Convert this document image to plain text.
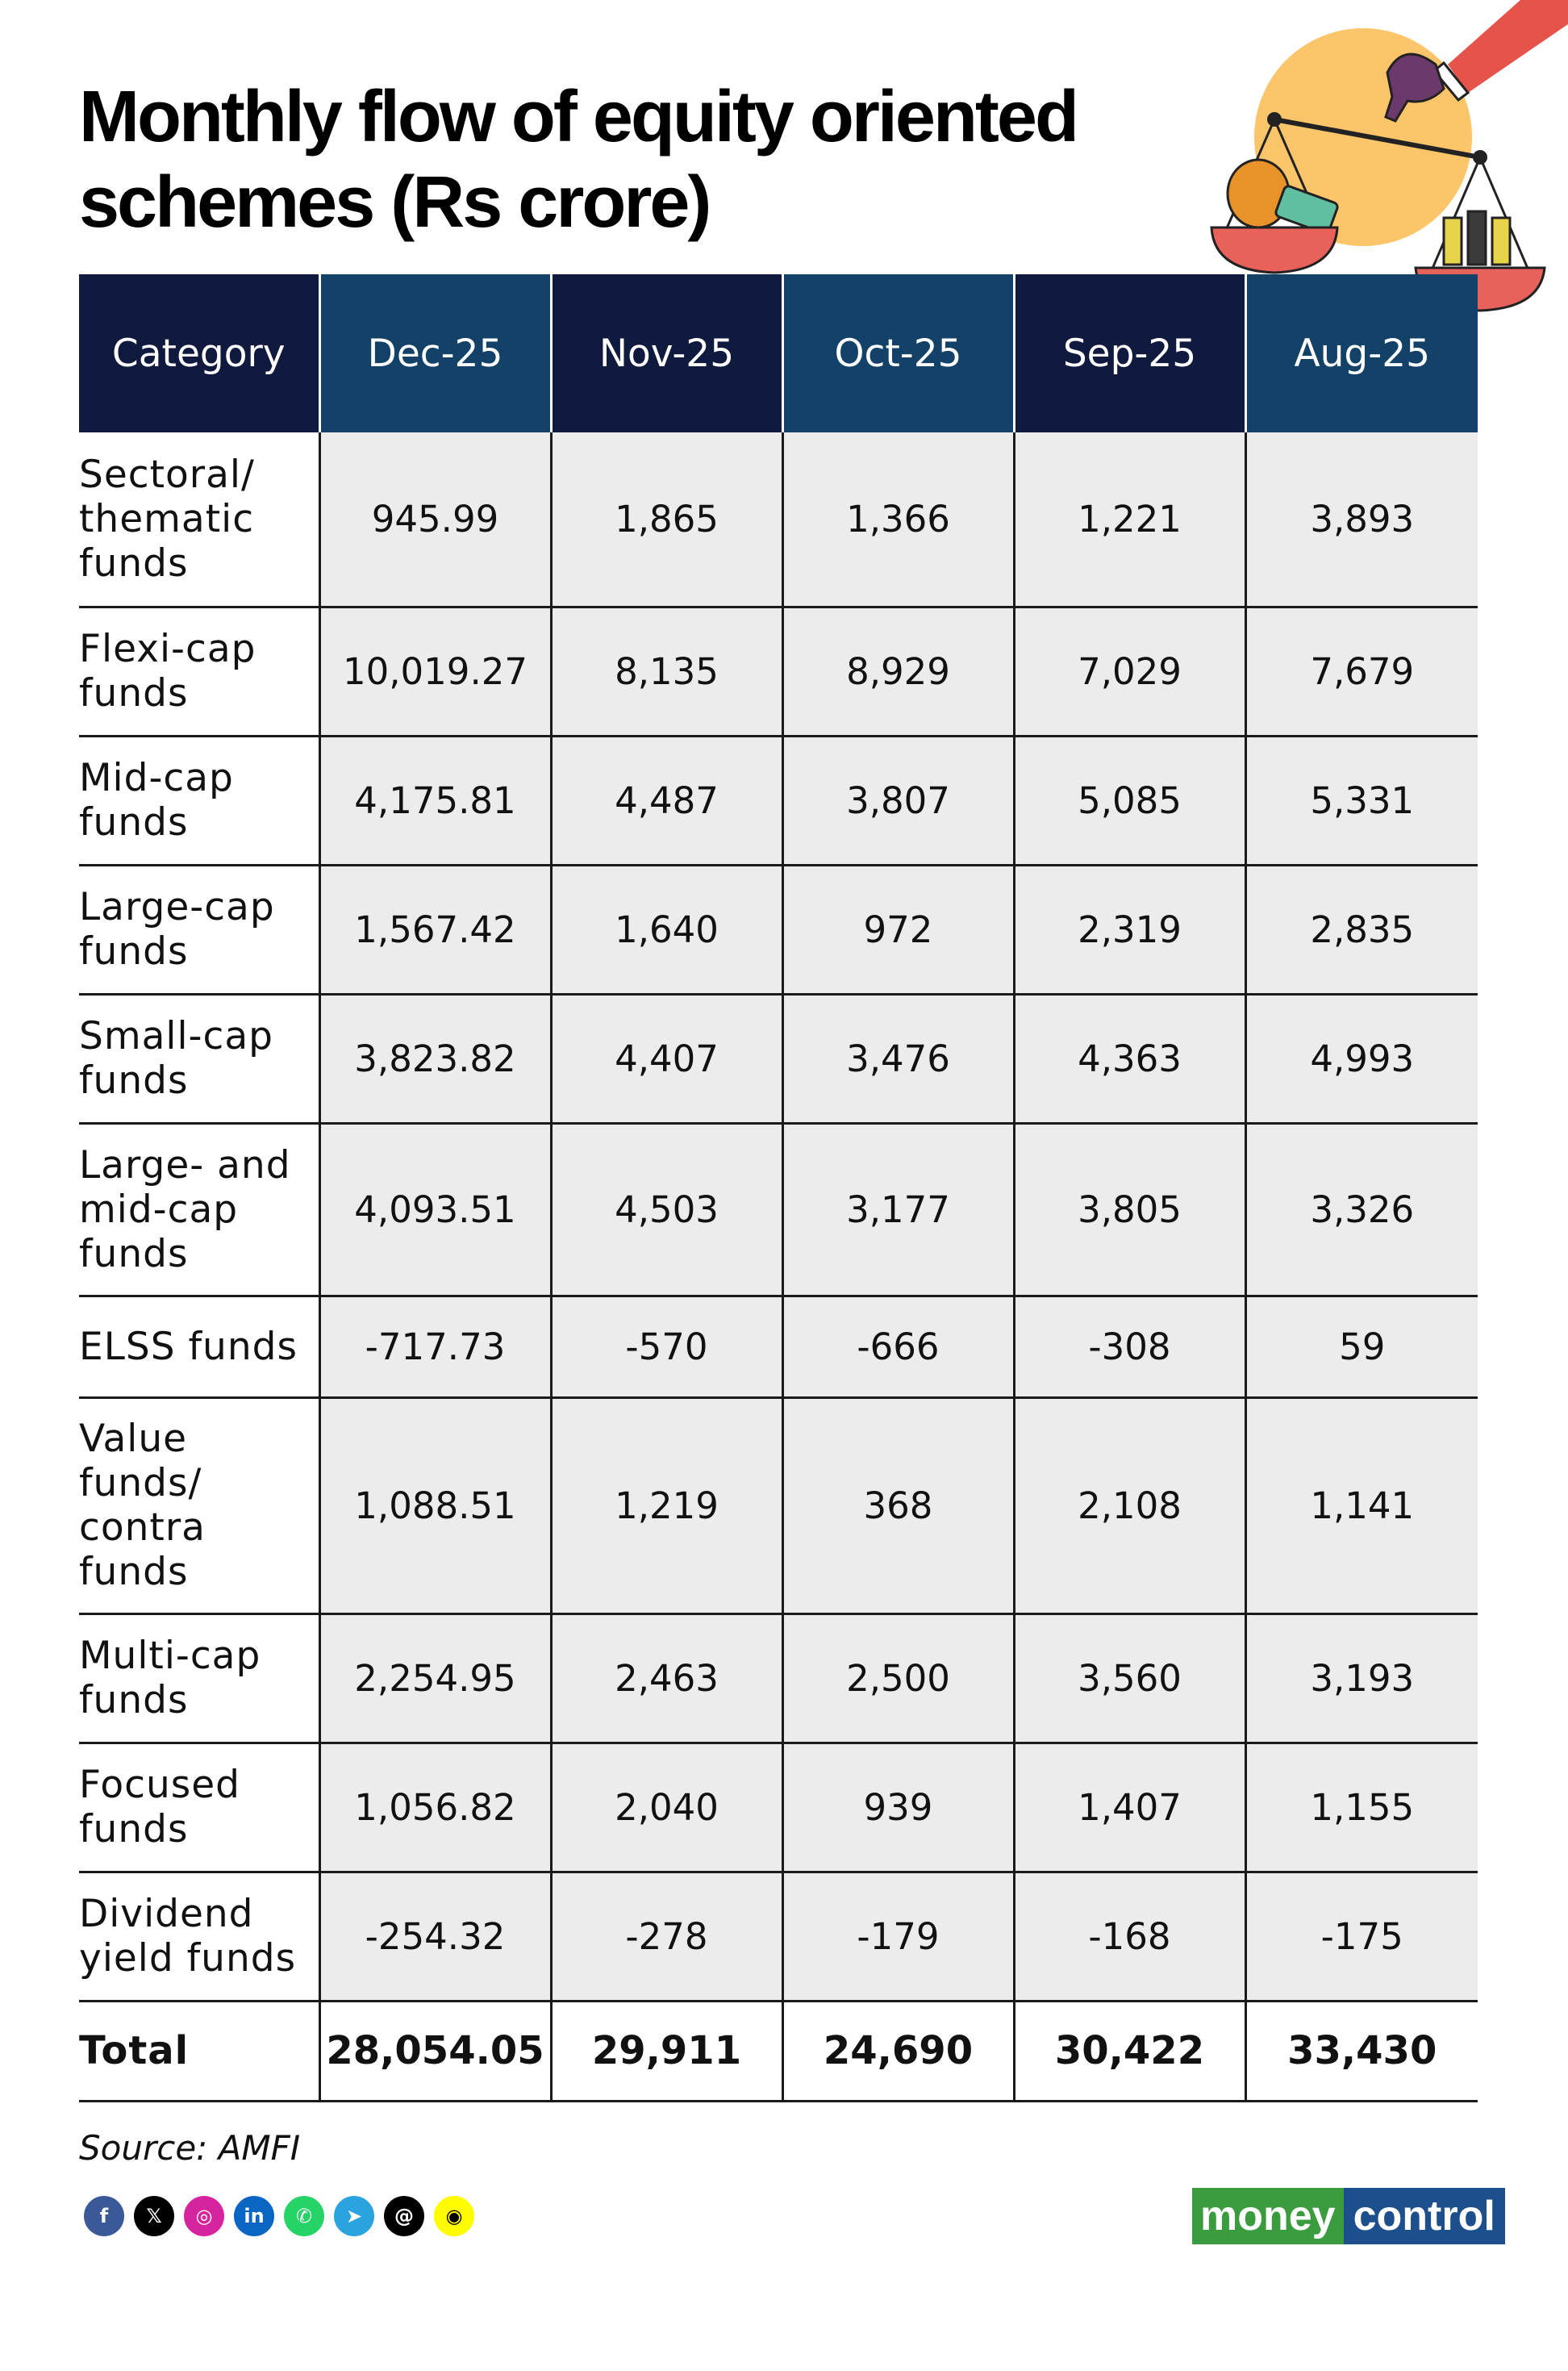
Monthly flow of equity oriented
schemes (Rs crore)
Category	Dec-25	Nov-25	Oct-25	Sep-25	Aug-25
Sectoral/ thematic funds	945.99	1,865	1,366	1,221	3,893
Flexi-cap funds	10,019.27	8,135	8,929	7,029	7,679
Mid-cap funds	4,175.81	4,487	3,807	5,085	5,331
Large-cap funds	1,567.42	1,640	972	2,319	2,835
Small-cap funds	3,823.82	4,407	3,476	4,363	4,993
Large- and mid-cap funds	4,093.51	4,503	3,177	3,805	3,326
ELSS funds	-717.73	-570	-666	-308	59
Value funds/ contra funds	1,088.51	1,219	368	2,108	1,141
Multi-cap funds	2,254.95	2,463	2,500	3,560	3,193
Focused funds	1,056.82	2,040	939	1,407	1,155
Dividend yield funds	-254.32	-278	-179	-168	-175
Total	28,054.05	29,911	24,690	30,422	33,430
Source: AMFI
f	𝕏	◎	in	✆	➤	@	◉	money control
